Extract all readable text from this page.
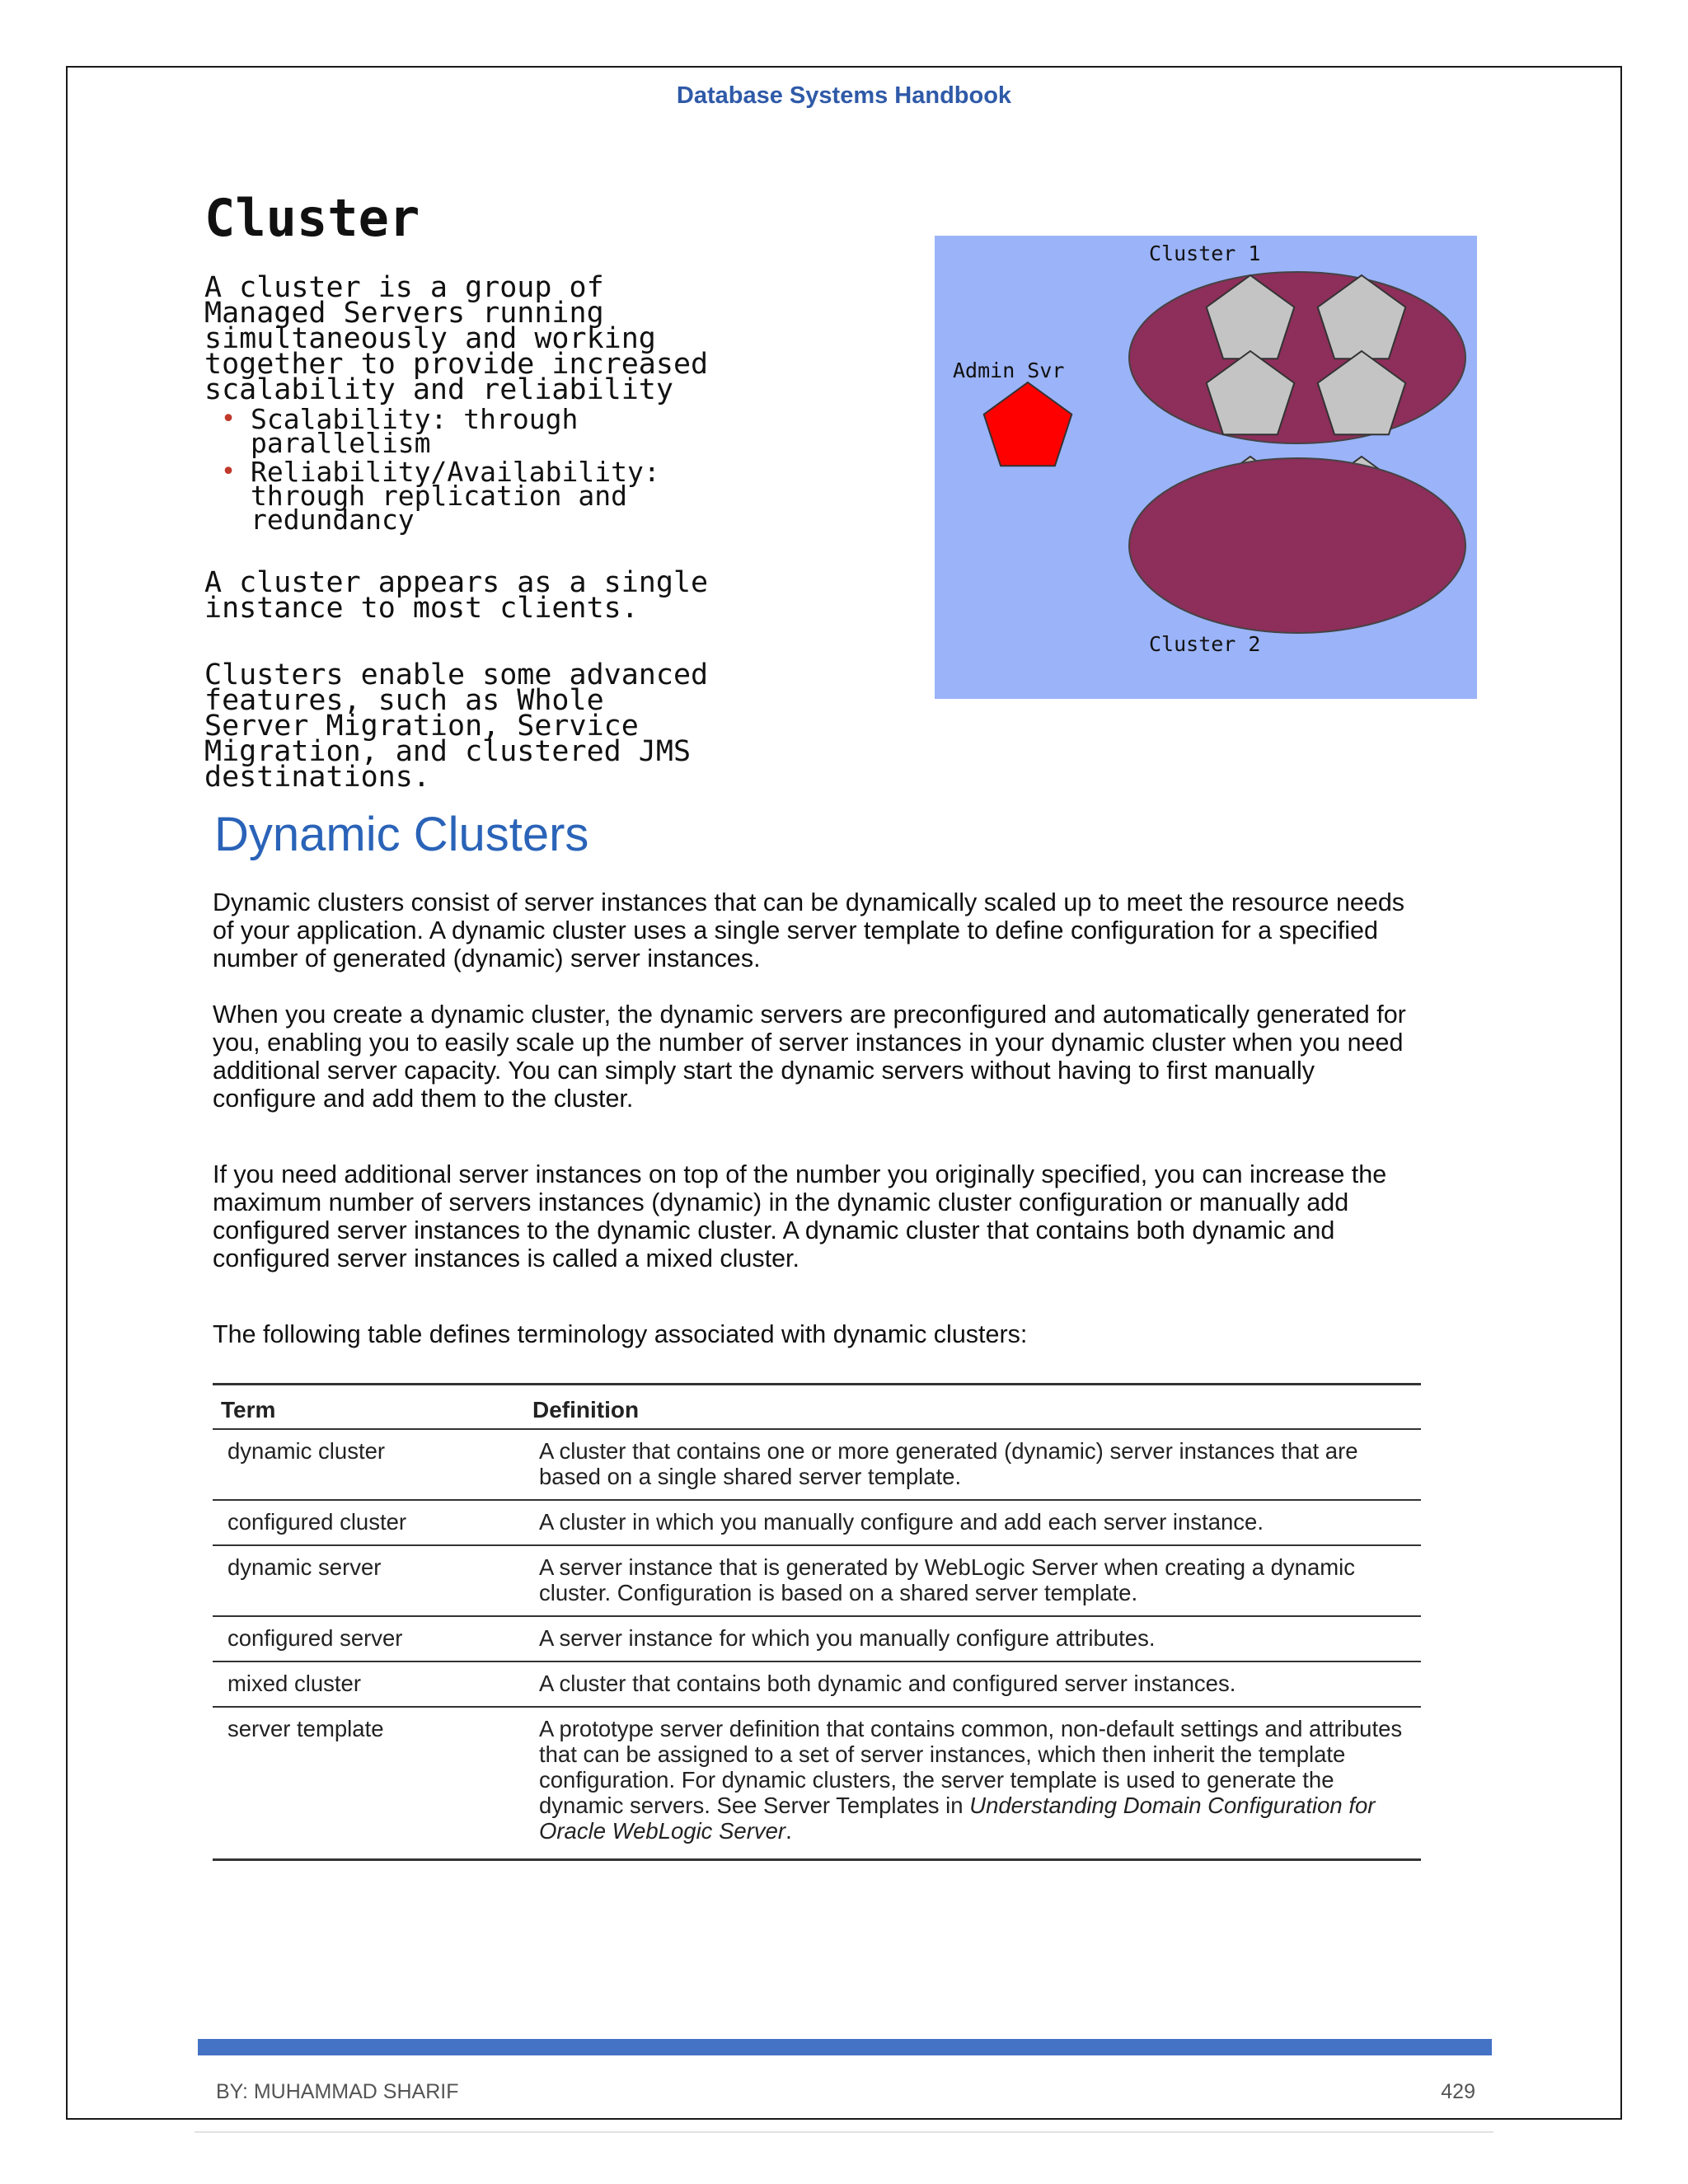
Database Systems Handbook
Cluster

A cluster is a group of
Managed Servers running
simultaneously and working
together to provide increased
scalability and reliability

• Scalability: through
parallelism
• Reliability/Availability:
through replication and
redundancy

A cluster appears as a single
instance to most clients.

Clusters enable some advanced
features, such as Whole
Server Migration, Service
Migration, and clustered JMS
destinations.

Cluster 1
Admin Svr
Cluster 2
Dynamic Clusters

Dynamic clusters consist of server instances that can be dynamically scaled up to meet the resource needs of your application. A dynamic cluster uses a single server template to define configuration for a specified number of generated (dynamic) server instances.

When you create a dynamic cluster, the dynamic servers are preconfigured and automatically generated for you, enabling you to easily scale up the number of server instances in your dynamic cluster when you need additional server capacity. You can simply start the dynamic servers without having to first manually configure and add them to the cluster.

If you need additional server instances on top of the number you originally specified, you can increase the maximum number of servers instances (dynamic) in the dynamic cluster configuration or manually add configured server instances to the dynamic cluster. A dynamic cluster that contains both dynamic and configured server instances is called a mixed cluster.

The following table defines terminology associated with dynamic clusters:

Term	Definition
dynamic cluster	A cluster that contains one or more generated (dynamic) server instances that are based on a single shared server template.
configured cluster	A cluster in which you manually configure and add each server instance.
dynamic server	A server instance that is generated by WebLogic Server when creating a dynamic cluster. Configuration is based on a shared server template.
configured server	A server instance for which you manually configure attributes.
mixed cluster	A cluster that contains both dynamic and configured server instances.
server template	A prototype server definition that contains common, non-default settings and attributes that can be assigned to a set of server instances, which then inherit the template configuration. For dynamic clusters, the server template is used to generate the dynamic servers. See Server Templates in Understanding Domain Configuration for Oracle WebLogic Server.
BY: MUHAMMAD SHARIF	429
